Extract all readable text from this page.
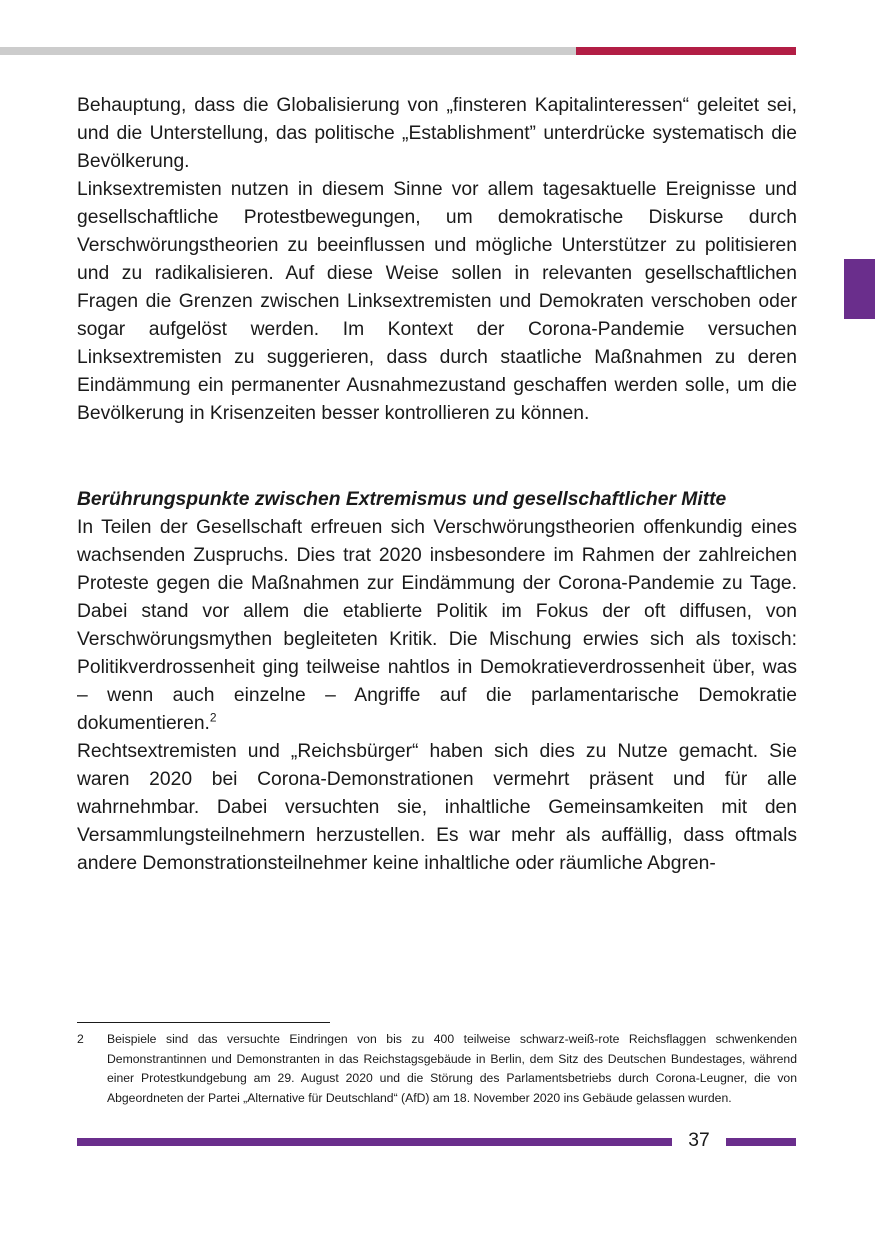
Behauptung, dass die Globalisierung von „finsteren Kapitalinteressen“ geleitet sei, und die Unterstellung, das politische „Establishment” unterdrücke systematisch die Bevölkerung.

Linksextremisten nutzen in diesem Sinne vor allem tagesaktuelle Ereignisse und gesellschaftliche Protestbewegungen, um demokratische Diskurse durch Verschwörungstheorien zu beeinflussen und mögliche Unterstützer zu politisieren und zu radikalisieren. Auf diese Weise sollen in relevanten gesellschaftlichen Fragen die Grenzen zwischen Linksextremisten und Demokraten verschoben oder sogar aufgelöst werden. Im Kontext der Corona-Pandemie versuchen Linksextremisten zu suggerieren, dass durch staatliche Maßnahmen zu deren Eindämmung ein permanenter Ausnahmezustand geschaffen werden solle, um die Bevölkerung in Krisenzeiten besser kontrollieren zu können.

Berührungspunkte zwischen Extremismus und gesellschaftlicher Mitte

In Teilen der Gesellschaft erfreuen sich Verschwörungstheorien offenkundig eines wachsenden Zuspruchs. Dies trat 2020 insbesondere im Rahmen der zahlreichen Proteste gegen die Maßnahmen zur Eindämmung der Corona-Pandemie zu Tage. Dabei stand vor allem die etablierte Politik im Fokus der oft diffusen, von Verschwörungsmythen begleiteten Kritik. Die Mischung erwies sich als toxisch: Politikverdrossenheit ging teilweise nahtlos in Demokratieverdrossenheit über, was – wenn auch einzelne – Angriffe auf die parlamentarische Demokratie dokumentieren.$^2$

Rechtsextremisten und „Reichsbürger“ haben sich dies zu Nutze gemacht. Sie waren 2020 bei Corona-Demonstrationen vermehrt präsent und für alle wahrnehmbar. Dabei versuchten sie, inhaltliche Gemeinsamkeiten mit den Versammlungsteilnehmern herzustellen. Es war mehr als auffällig, dass oftmals andere Demonstrationsteilnehmer keine inhaltliche oder räumliche Abgren-

2	Beispiele sind das versuchte Eindringen von bis zu 400 teilweise schwarz-weiß-rote Reichsflaggen schwenkenden Demonstrantinnen und Demonstranten in das Reichstagsgebäude in Berlin, dem Sitz des Deutschen Bundestages, während einer Protestkundgebung am 29. August 2020 und die Störung des Parlamentsbetriebs durch Corona-Leugner, die von Abgeordneten der Partei „Alternative für Deutschland“ (AfD) am 18. November 2020 ins Gebäude gelassen wurden.
37
